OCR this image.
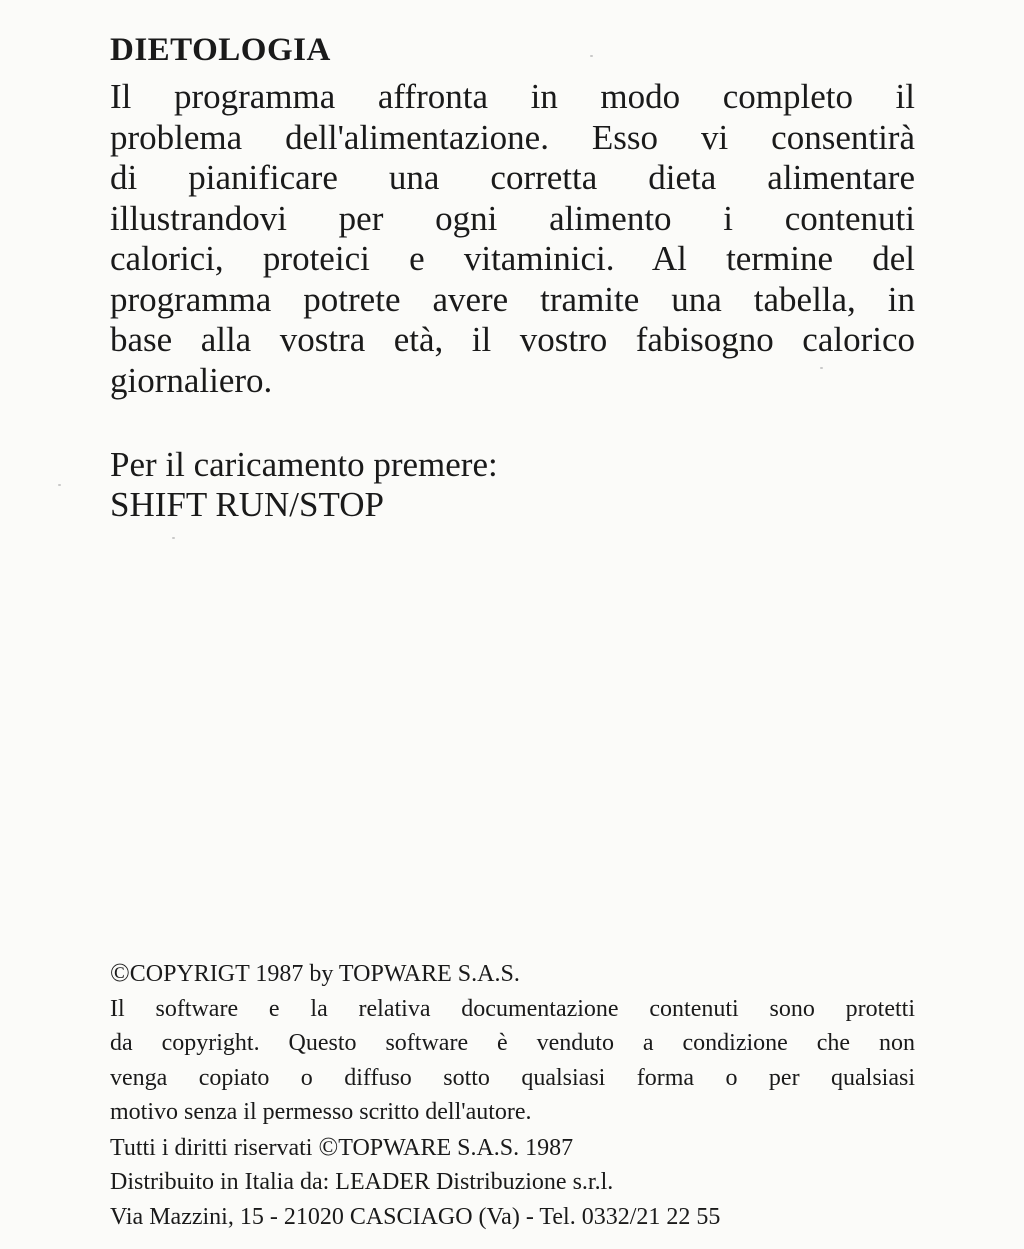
DIETOLOGIA

Il programma affronta in modo completo il
problema dell'alimentazione. Esso vi consentirà
di pianificare una corretta dieta alimentare
illustrandovi per ogni alimento i contenuti
calorici, proteici e vitaminici. Al termine del
programma potrete avere tramite una tabella, in
base alla vostra età, il vostro fabisogno calorico
giornaliero.

Per il caricamento premere:
SHIFT RUN/STOP

©COPYRIGT 1987 by TOPWARE S.A.S.
Il software e la relativa documentazione contenuti sono protetti
da copyright. Questo software è venduto a condizione che non
venga copiato o diffuso sotto qualsiasi forma o per qualsiasi
motivo senza il permesso scritto dell'autore.
Tutti i diritti riservati ©TOPWARE S.A.S. 1987
Distribuito in Italia da: LEADER Distribuzione s.r.l.
Via Mazzini, 15 - 21020 CASCIAGO (Va) - Tel. 0332/21 22 55
